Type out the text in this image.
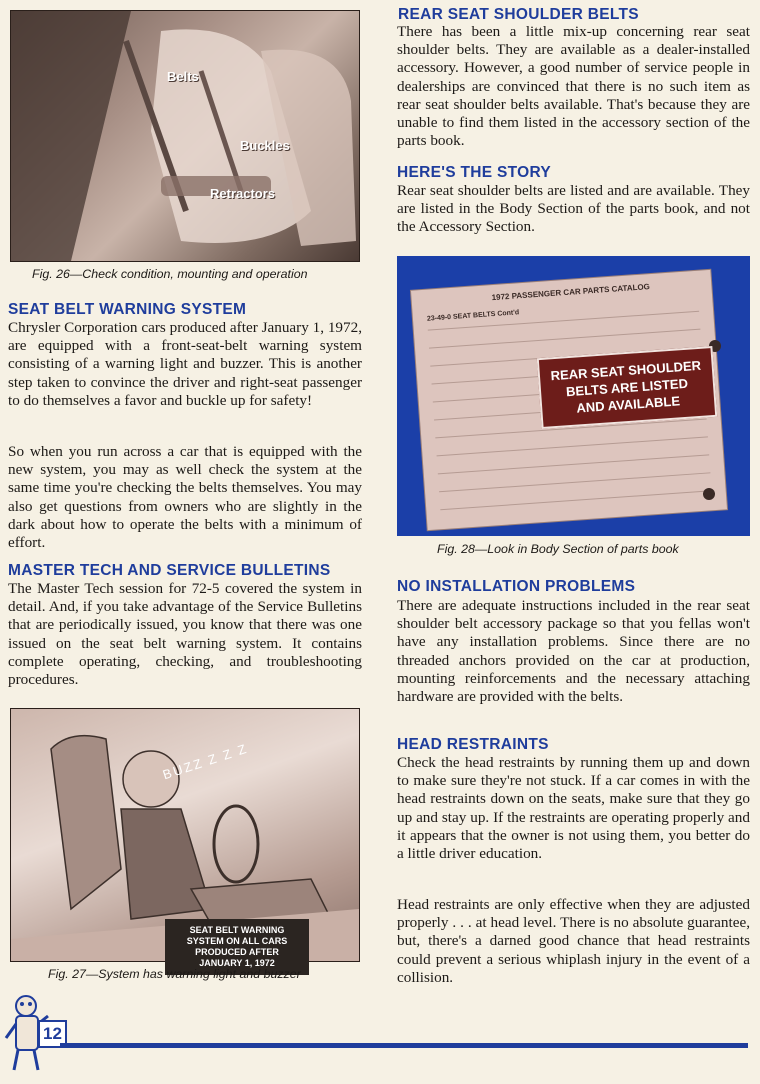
Belts
Buckles
Retractors
Fig. 26—Check condition, mounting and operation
SEAT BELT WARNING SYSTEM

Chrysler Corporation cars produced after January 1, 1972, are equipped with a front-seat-belt warning system consisting of a warning light and buzzer. This is another step taken to convince the driver and right-seat passenger to do themselves a favor and buckle up for safety!

So when you run across a car that is equipped with the new system, you may as well check the system at the same time you're checking the belts themselves. You may also get questions from owners who are slightly in the dark about how to operate the belts with a minimum of effort.

MASTER TECH AND SERVICE BULLETINS

The Master Tech session for 72-5 covered the system in detail. And, if you take advantage of the Service Bulletins that are periodically issued, you know that there was one issued on the seat belt warning system. It contains complete operating, checking, and troubleshooting procedures.

BUZZ Z Z Z
SEAT BELT WARNING SYSTEM ON ALL CARS PRODUCED AFTER JANUARY 1, 1972
Fig. 27—System has warning light and buzzer
REAR SEAT SHOULDER BELTS

There has been a little mix-up concerning rear seat shoulder belts. They are available as a dealer-installed accessory. However, a good number of service people in dealerships are convinced that there is no such item as rear seat shoulder belts available. That's because they are unable to find them listed in the accessory section of the parts book.

HERE'S THE STORY

Rear seat shoulder belts are listed and are available. They are listed in the Body Section of the parts book, and not the Accessory Section.

1972 PASSENGER CAR PARTS CATALOG
23-49-0 SEAT BELTS Cont'd
REAR SEAT SHOULDER BELTS ARE LISTED AND AVAILABLE
Fig. 28—Look in Body Section of parts book
NO INSTALLATION PROBLEMS

There are adequate instructions included in the rear seat shoulder belt accessory package so that you fellas won't have any installation problems. Since there are no threaded anchors provided on the car at production, mounting reinforcements and the necessary attaching hardware are provided with the belts.

HEAD RESTRAINTS

Check the head restraints by running them up and down to make sure they're not stuck. If a car comes in with the head restraints down on the seats, make sure that they go up and stay up. If the restraints are operating properly and it appears that the owner is not using them, you better do a little driver education.

Head restraints are only effective when they are adjusted properly . . . at head level. There is no absolute guarantee, but, there's a darned good chance that head restraints could prevent a serious whiplash injury in the event of a collision.

12
